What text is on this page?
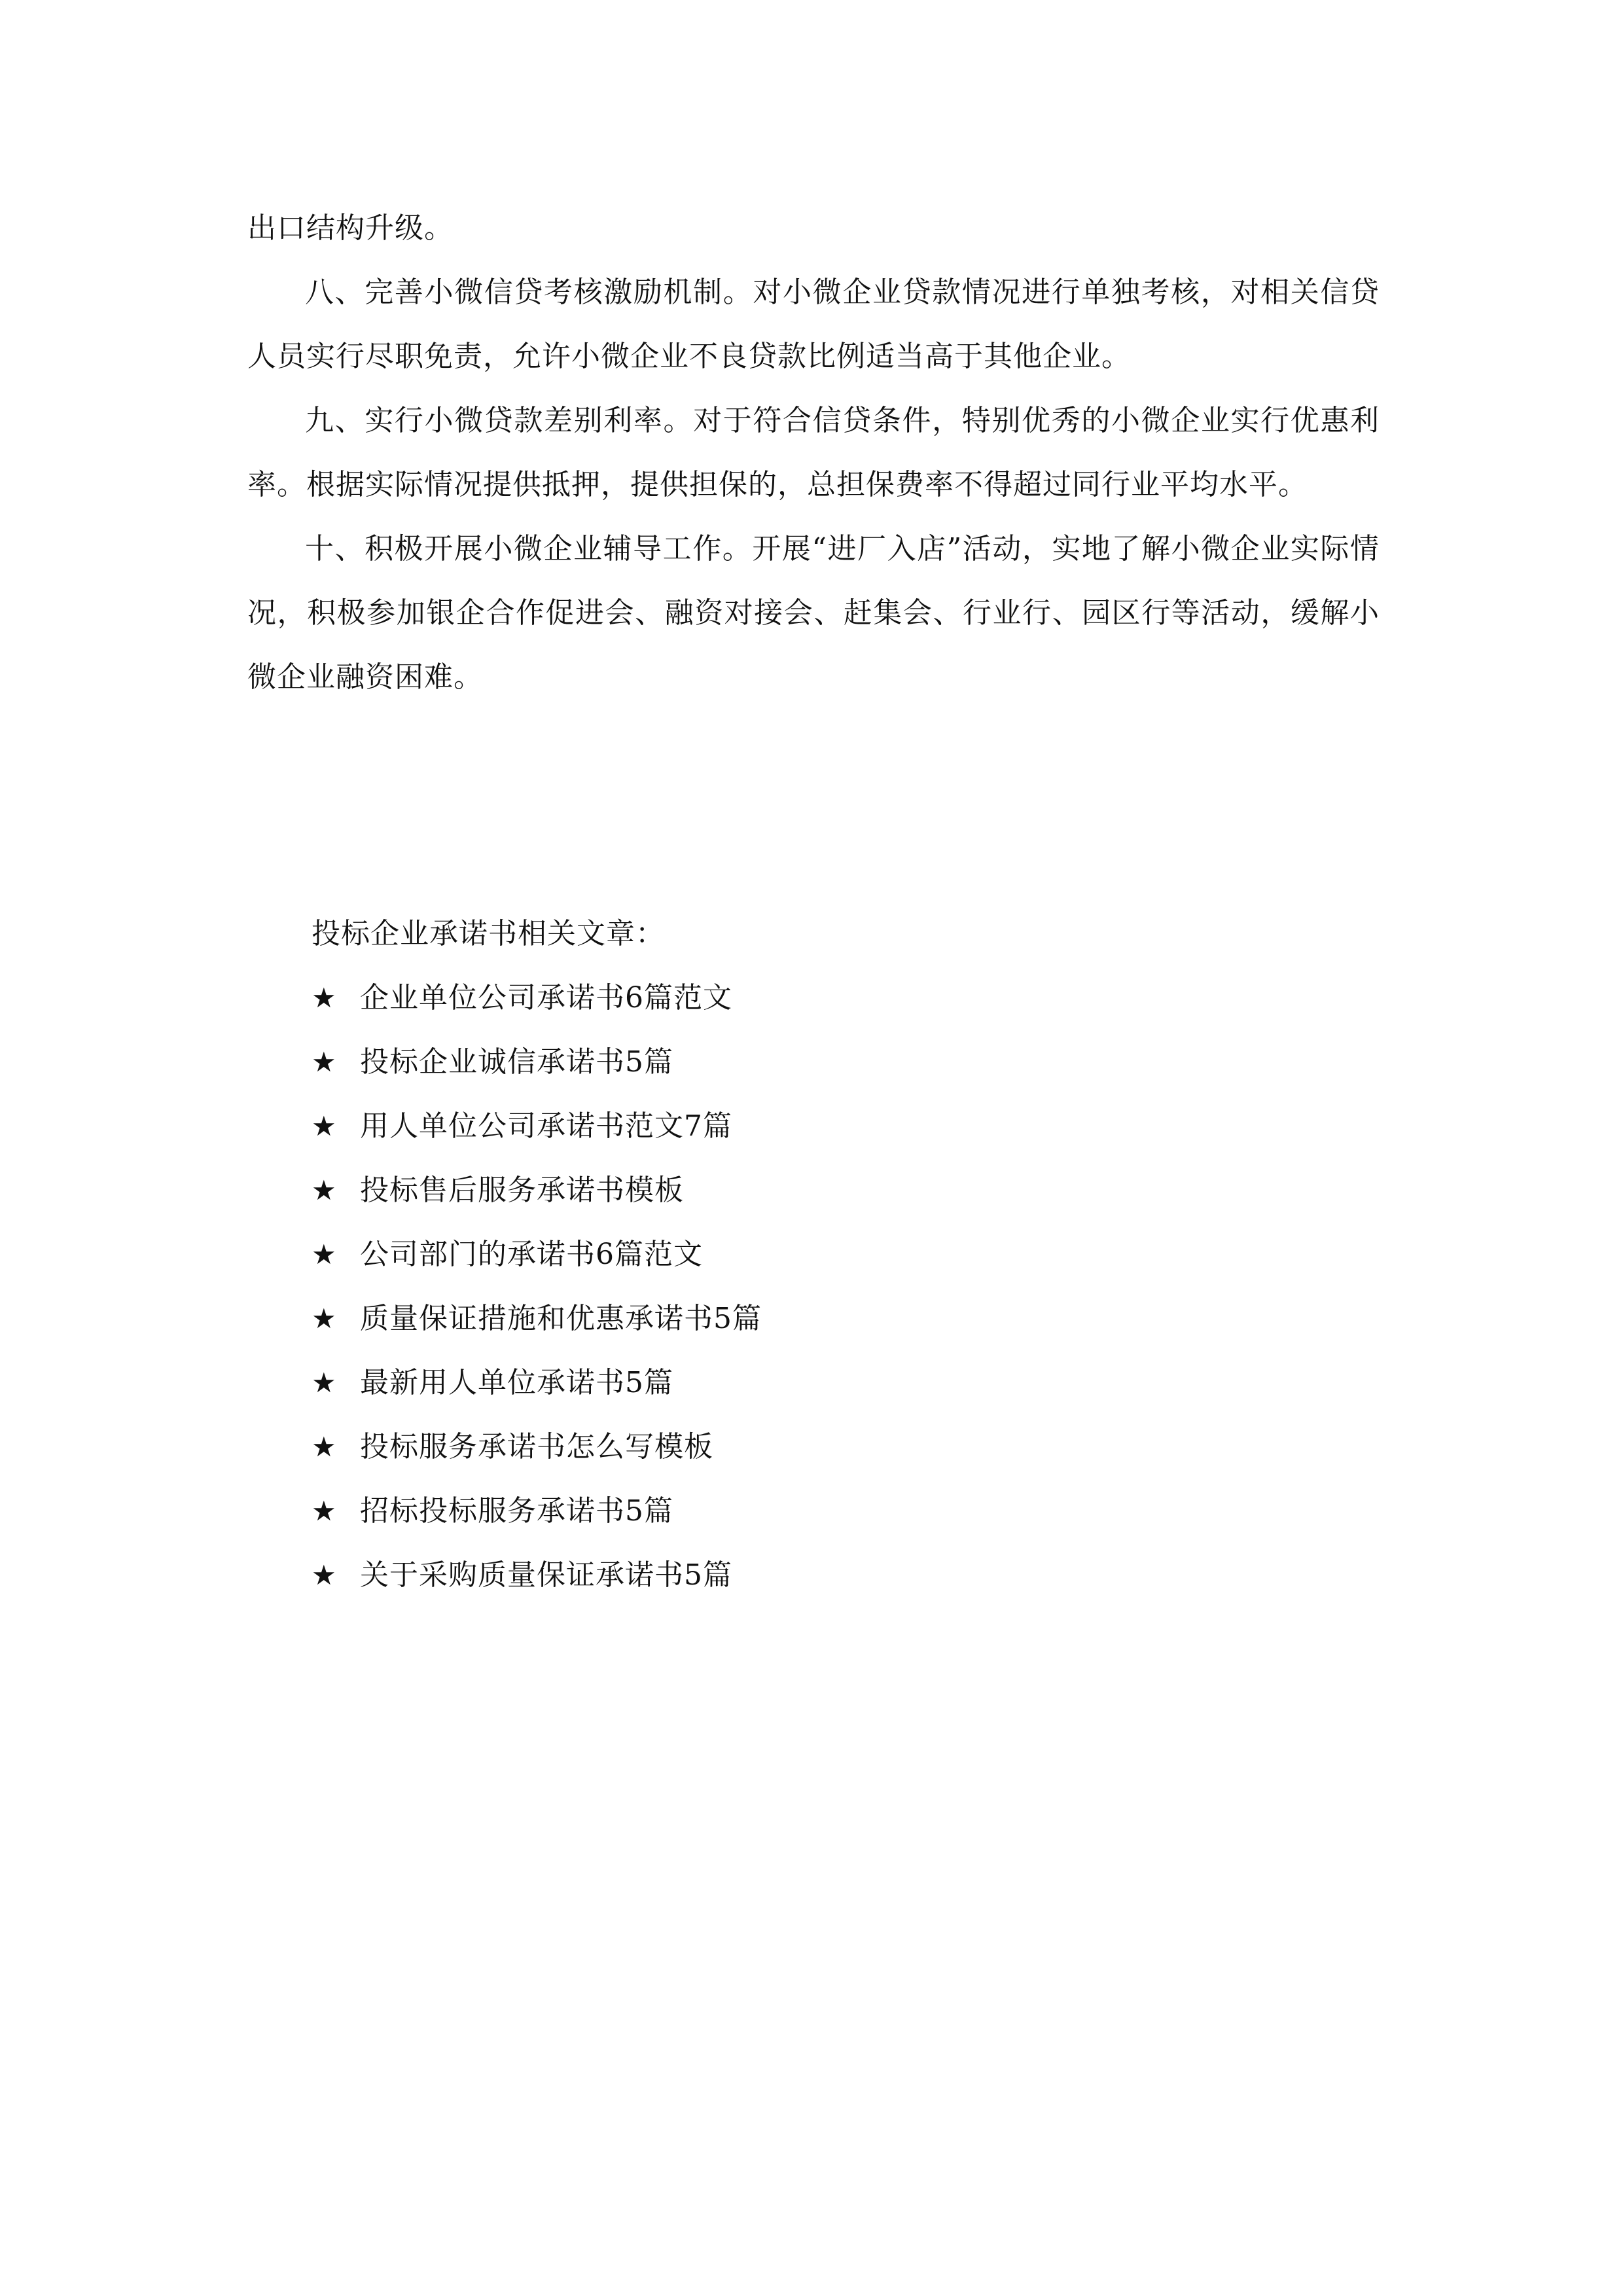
出口结构升级。

八、完善小微信贷考核激励机制。对小微企业贷款情况进行单独考核，对相关信贷人员实行尽职免责，允许小微企业不良贷款比例适当高于其他企业。

九、实行小微贷款差别利率。对于符合信贷条件，特别优秀的小微企业实行优惠利率。根据实际情况提供抵押，提供担保的，总担保费率不得超过同行业平均水平。

十、积极开展小微企业辅导工作。开展“进厂入店”活动，实地了解小微企业实际情况，积极参加银企合作促进会、融资对接会、赶集会、行业行、园区行等活动，缓解小微企业融资困难。

投标企业承诺书相关文章：

★ 企业单位公司承诺书6篇范文
★ 投标企业诚信承诺书5篇
★ 用人单位公司承诺书范文7篇
★ 投标售后服务承诺书模板
★ 公司部门的承诺书6篇范文
★ 质量保证措施和优惠承诺书5篇
★ 最新用人单位承诺书5篇
★ 投标服务承诺书怎么写模板
★ 招标投标服务承诺书5篇
★ 关于采购质量保证承诺书5篇
